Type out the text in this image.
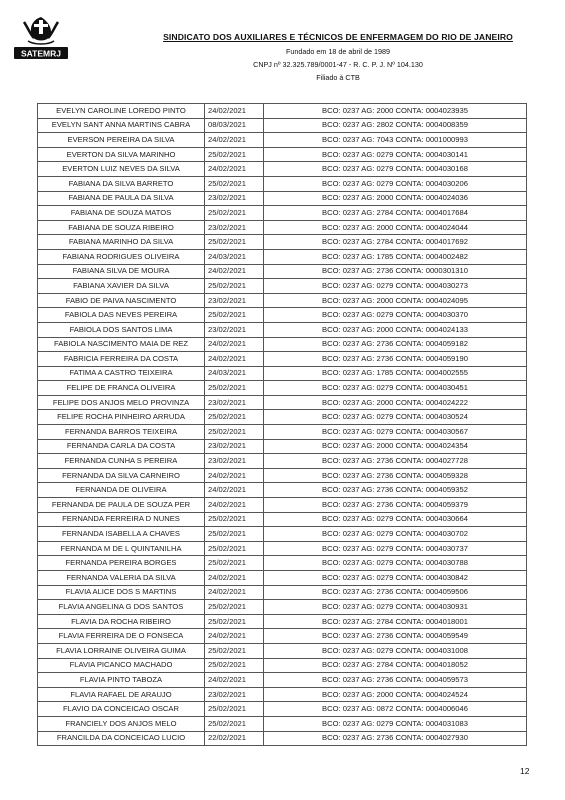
SATEMRJ
SINDICATO DOS AUXILIARES E TÉCNICOS DE ENFERMAGEM DO RIO DE JANEIRO
Fundado em 18 de abril de 1989
CNPJ nº 32.325.789/0001-47 - R. C. P. J. Nº 104.130
Filiado à CTB
EVELYN CAROLINE LOREDO PINTO	24/02/2021	BCO: 0237 AG: 2000 CONTA: 0004023935
EVELYN SANT ANNA MARTINS CABRA	08/03/2021	BCO: 0237 AG: 2802 CONTA: 0004008359
EVERSON PEREIRA DA SILVA	24/02/2021	BCO: 0237 AG: 7043 CONTA: 0001000993
EVERTON DA SILVA MARINHO	25/02/2021	BCO: 0237 AG: 0279 CONTA: 0004030141
EVERTON LUIZ NEVES DA SILVA	24/02/2021	BCO: 0237 AG: 0279 CONTA: 0004030168
FABIANA DA SILVA BARRETO	25/02/2021	BCO: 0237 AG: 0279 CONTA: 0004030206
FABIANA DE PAULA DA SILVA	23/02/2021	BCO: 0237 AG: 2000 CONTA: 0004024036
FABIANA DE SOUZA MATOS	25/02/2021	BCO: 0237 AG: 2784 CONTA: 0004017684
FABIANA DE SOUZA RIBEIRO	23/02/2021	BCO: 0237 AG: 2000 CONTA: 0004024044
FABIANA MARINHO DA SILVA	25/02/2021	BCO: 0237 AG: 2784 CONTA: 0004017692
FABIANA RODRIGUES OLIVEIRA	24/03/2021	BCO: 0237 AG: 1785 CONTA: 0004002482
FABIANA SILVA DE MOURA	24/02/2021	BCO: 0237 AG: 2736 CONTA: 0000301310
FABIANA XAVIER DA SILVA	25/02/2021	BCO: 0237 AG: 0279 CONTA: 0004030273
FABIO DE PAIVA NASCIMENTO	23/02/2021	BCO: 0237 AG: 2000 CONTA: 0004024095
FABIOLA DAS NEVES PEREIRA	25/02/2021	BCO: 0237 AG: 0279 CONTA: 0004030370
FABIOLA DOS SANTOS LIMA	23/02/2021	BCO: 0237 AG: 2000 CONTA: 0004024133
FABIOLA NASCIMENTO MAIA DE REZ	24/02/2021	BCO: 0237 AG: 2736 CONTA: 0004059182
FABRICIA FERREIRA DA COSTA	24/02/2021	BCO: 0237 AG: 2736 CONTA: 0004059190
FATIMA A CASTRO TEIXEIRA	24/03/2021	BCO: 0237 AG: 1785 CONTA: 0004002555
FELIPE DE FRANCA OLIVEIRA	25/02/2021	BCO: 0237 AG: 0279 CONTA: 0004030451
FELIPE DOS ANJOS MELO PROVINZA	23/02/2021	BCO: 0237 AG: 2000 CONTA: 0004024222
FELIPE ROCHA PINHEIRO ARRUDA	25/02/2021	BCO: 0237 AG: 0279 CONTA: 0004030524
FERNANDA BARROS TEIXEIRA	25/02/2021	BCO: 0237 AG: 0279 CONTA: 0004030567
FERNANDA CARLA DA COSTA	23/02/2021	BCO: 0237 AG: 2000 CONTA: 0004024354
FERNANDA CUNHA S PEREIRA	23/02/2021	BCO: 0237 AG: 2736 CONTA: 0004027728
FERNANDA DA SILVA CARNEIRO	24/02/2021	BCO: 0237 AG: 2736 CONTA: 0004059328
FERNANDA DE OLIVEIRA	24/02/2021	BCO: 0237 AG: 2736 CONTA: 0004059352
FERNANDA DE PAULA DE SOUZA PER	24/02/2021	BCO: 0237 AG: 2736 CONTA: 0004059379
FERNANDA FERREIRA D NUNES	25/02/2021	BCO: 0237 AG: 0279 CONTA: 0004030664
FERNANDA ISABELLA A CHAVES	25/02/2021	BCO: 0237 AG: 0279 CONTA: 0004030702
FERNANDA M DE L QUINTANILHA	25/02/2021	BCO: 0237 AG: 0279 CONTA: 0004030737
FERNANDA PEREIRA BORGES	25/02/2021	BCO: 0237 AG: 0279 CONTA: 0004030788
FERNANDA VALERIA DA SILVA	24/02/2021	BCO: 0237 AG: 0279 CONTA: 0004030842
FLAVIA ALICE DOS S MARTINS	24/02/2021	BCO: 0237 AG: 2736 CONTA: 0004059506
FLAVIA ANGELINA G DOS SANTOS	25/02/2021	BCO: 0237 AG: 0279 CONTA: 0004030931
FLAVIA DA ROCHA RIBEIRO	25/02/2021	BCO: 0237 AG: 2784 CONTA: 0004018001
FLAVIA FERREIRA DE O FONSECA	24/02/2021	BCO: 0237 AG: 2736 CONTA: 0004059549
FLAVIA LORRAINE OLIVEIRA GUIMA	25/02/2021	BCO: 0237 AG: 0279 CONTA: 0004031008
FLAVIA PICANCO MACHADO	25/02/2021	BCO: 0237 AG: 2784 CONTA: 0004018052
FLAVIA PINTO TABOZA	24/02/2021	BCO: 0237 AG: 2736 CONTA: 0004059573
FLAVIA RAFAEL DE ARAUJO	23/02/2021	BCO: 0237 AG: 2000 CONTA: 0004024524
FLAVIO DA CONCEICAO OSCAR	25/02/2021	BCO: 0237 AG: 0872 CONTA: 0004006046
FRANCIELY DOS ANJOS MELO	25/02/2021	BCO: 0237 AG: 0279 CONTA: 0004031083
FRANCILDA DA CONCEICAO LUCIO	22/02/2021	BCO: 0237 AG: 2736 CONTA: 0004027930
12
